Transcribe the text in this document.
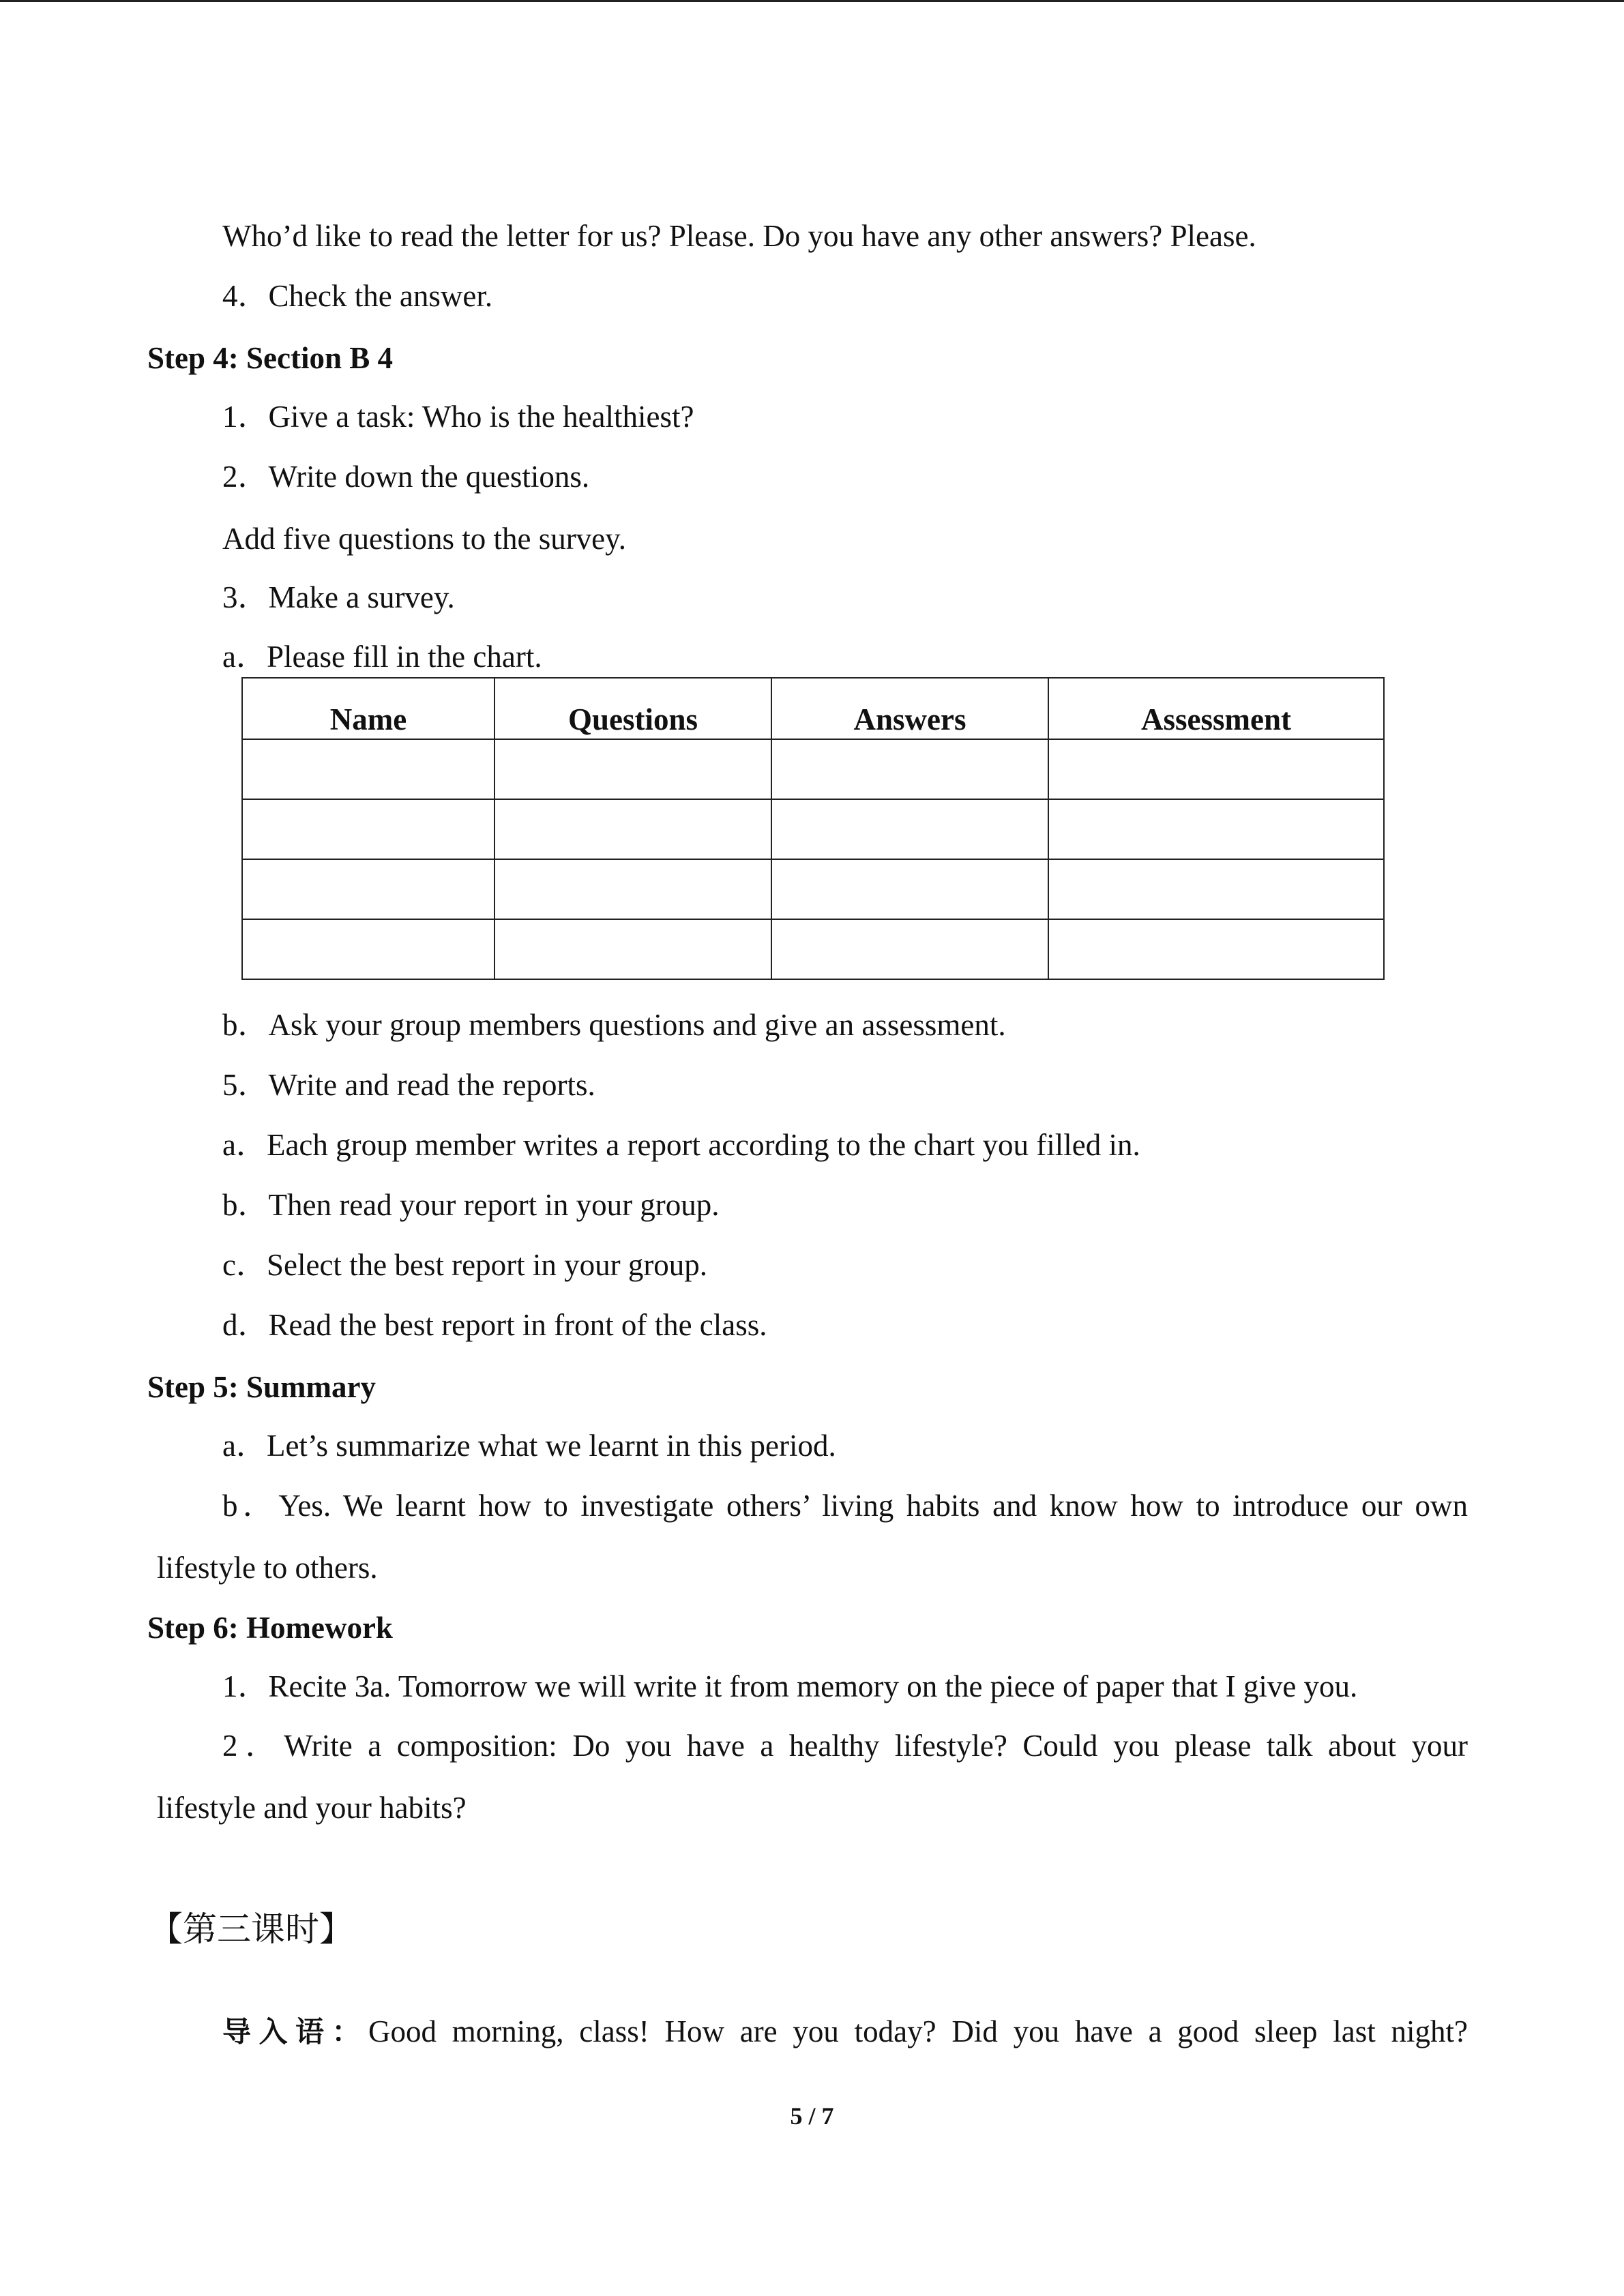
Who’d like to read the letter for us? Please. Do you have any other answers? Please.
4．Check the answer.
Step 4: Section B 4
1．Give a task: Who is the healthiest?
2．Write down the questions.
Add five questions to the survey.
3．Make a survey.
a．Please fill in the chart.
Name	Questions	Answers	Assessment

b．Ask your group members questions and give an assessment.
5．Write and read the reports.
a．Each group member writes a report according to the chart you filled in.
b．Then read your report in your group.
c．Select the best report in your group.
d．Read the best report in front of the class.
Step 5: Summary
a．Let’s summarize what we learnt in this period.
b．Yes. We learnt how to investigate others’ living habits and know how to introduce our own
lifestyle to others.
Step 6: Homework
1．Recite 3a. Tomorrow we will write it from memory on the piece of paper that I give you.
2．Write a composition: Do you have a healthy lifestyle? Could you please talk about your
lifestyle and your habits?
【第三课时】
导入语：Good morning, class! How are you today? Did you have a good sleep last night?
5 / 7
